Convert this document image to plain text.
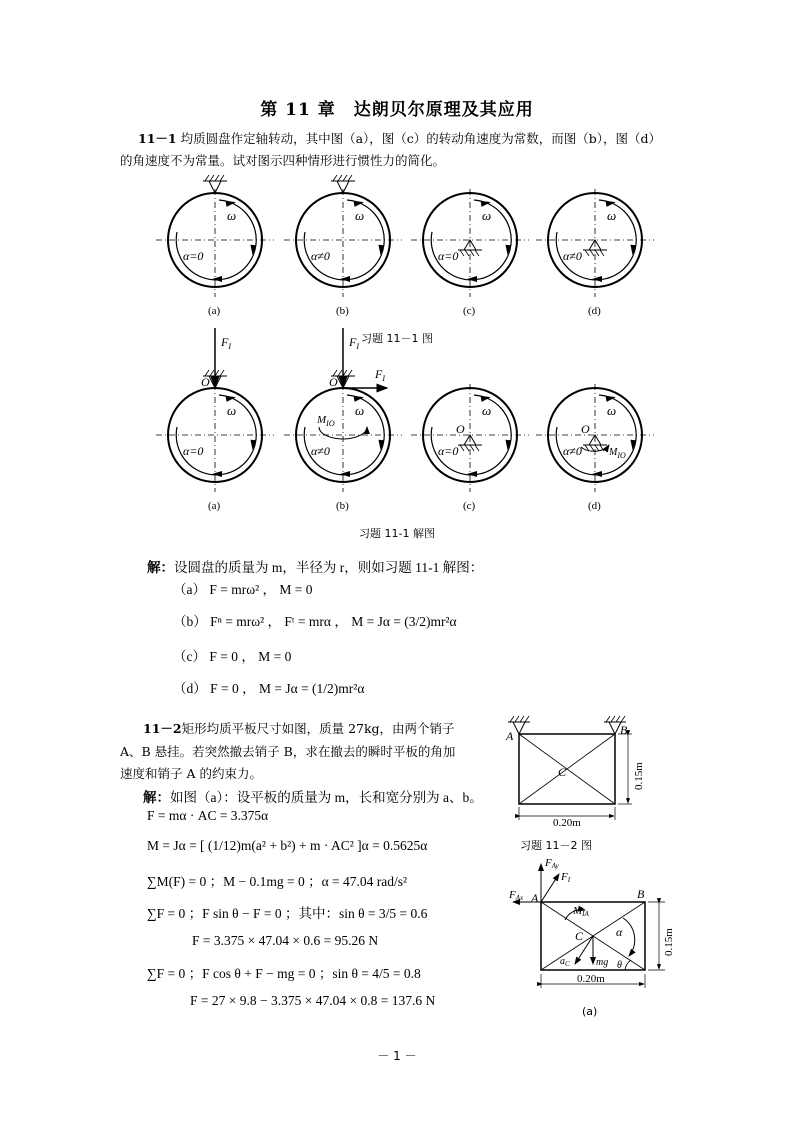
第 11 章　达朗贝尔原理及其应用
11－1 均质圆盘作定轴转动，其中图（a），图（c）的转动角速度为常数，而图（b），图（d）
的角速度不为常量。试对图示四种情形进行惯性力的简化。
ω
α=0
(a)
ω
α≠0
(b)
ω
α=0
(c)
ω
α≠0
(d)
习题 11－1 图
ω
α=0
(a)
$F_I$
O
ω
α≠0
(b)
$F_I$
$F_I$
$M_{IO}$
O
ω
α=0
(c)
O
ω
α≠0
(d)
O
$M_{IO}$
习题 11-1 解图
解：设圆盘的质量为 m，半径为 r，则如习题 11-1 解图：
（a） F = mrω² ， M = 0
（b） Fⁿ = mrω² ， Fᵗ = mrα ， M = Jα = (3/2)mr²α
（c） F = 0 ， M = 0
（d） F = 0 ， M = Jα = (1/2)mr²α
11－2矩形均质平板尺寸如图，质量 27kg，由两个销子
A、B 悬挂。若突然撤去销子 B，求在撤去的瞬时平板的角加
速度和销子 A 的约束力。
解：如图（a）：设平板的质量为 m，长和宽分别为 a、b。
F = mα · AC = 3.375α
M = Jα = [ (1/12)m(a² + b²) + m · AC² ]α = 0.5625α
∑M(F) = 0 ；M − 0.1mg = 0 ；α = 47.04 rad/s²
∑F = 0 ；F sin θ − F = 0 ；其中：sin θ = 3/5 = 0.6
F = 3.375 × 47.04 × 0.6 = 95.26 N
∑F = 0 ；F cos θ + F − mg = 0 ；sin θ = 4/5 = 0.8
F = 27 × 9.8 − 3.375 × 47.04 × 0.8 = 137.6 N
A	B
C
0.20m
0.15m
习题 11－2 图
FAy
FAx
FI
A	B
C
MIA
α
θ
mg
$a_C$
0.20m
0.15m
(a)
－ 1 －
